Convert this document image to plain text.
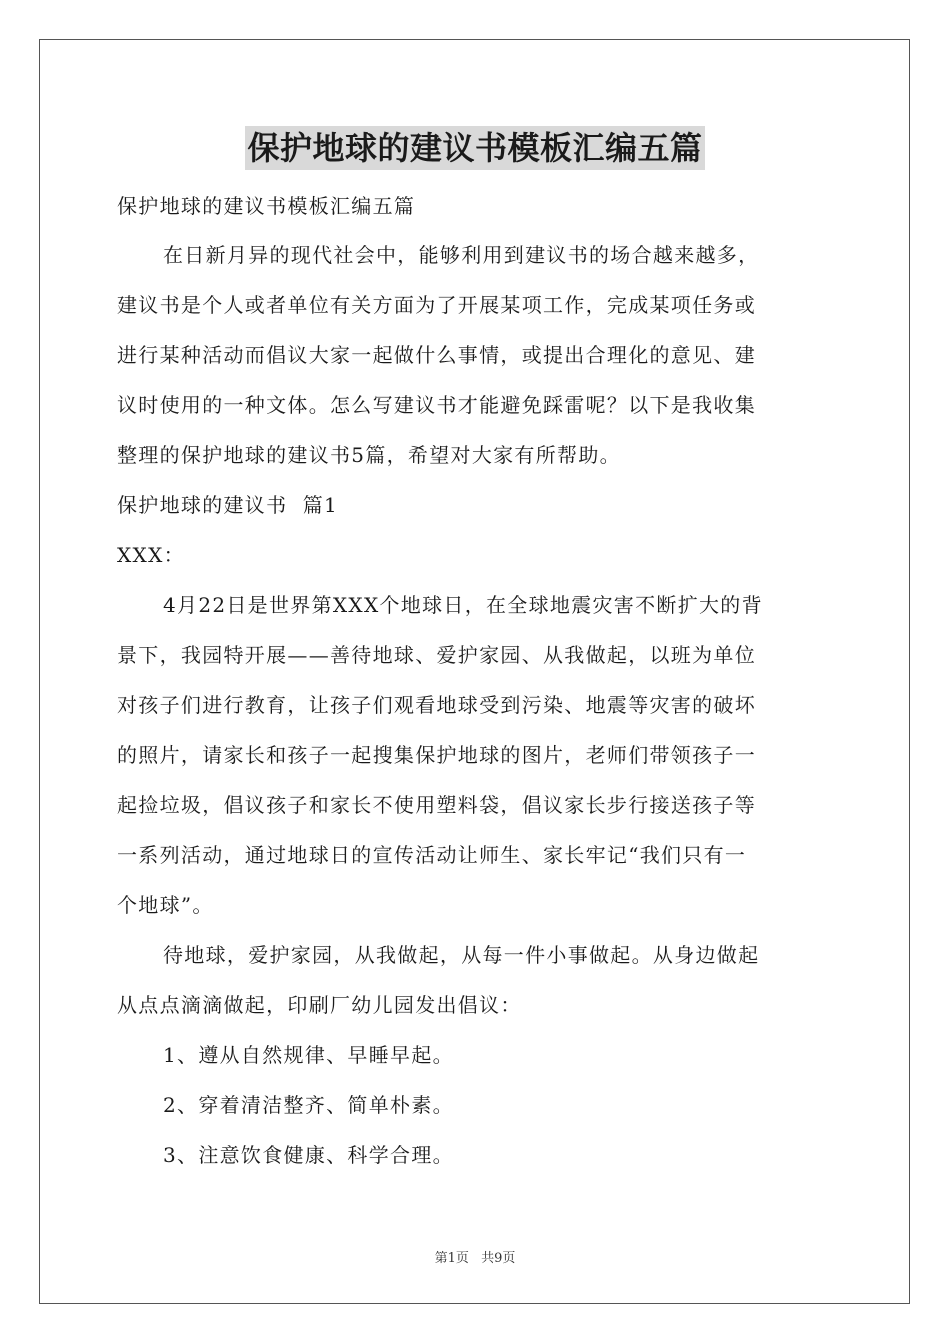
保护地球的建议书模板汇编五篇
保护地球的建议书模板汇编五篇
在日新月异的现代社会中，能够利用到建议书的场合越来越多，
建议书是个人或者单位有关方面为了开展某项工作，完成某项任务或
进行某种活动而倡议大家一起做什么事情，或提出合理化的意见、建
议时使用的一种文体。怎么写建议书才能避免踩雷呢？以下是我收集
整理的保护地球的建议书5篇，希望对大家有所帮助。
保护地球的建议书  篇1
XXX：
4月22日是世界第XXX个地球日，在全球地震灾害不断扩大的背
景下，我园特开展——善待地球、爱护家园、从我做起，以班为单位
对孩子们进行教育，让孩子们观看地球受到污染、地震等灾害的破坏
的照片，请家长和孩子一起搜集保护地球的图片，老师们带领孩子一
起捡垃圾，倡议孩子和家长不使用塑料袋，倡议家长步行接送孩子等
一系列活动，通过地球日的宣传活动让师生、家长牢记“我们只有一
个地球”。
待地球，爱护家园，从我做起，从每一件小事做起。从身边做起
从点点滴滴做起，印刷厂幼儿园发出倡议：
1、遵从自然规律、早睡早起。
2、穿着清洁整齐、简单朴素。
3、注意饮食健康、科学合理。
第1页 共9页
